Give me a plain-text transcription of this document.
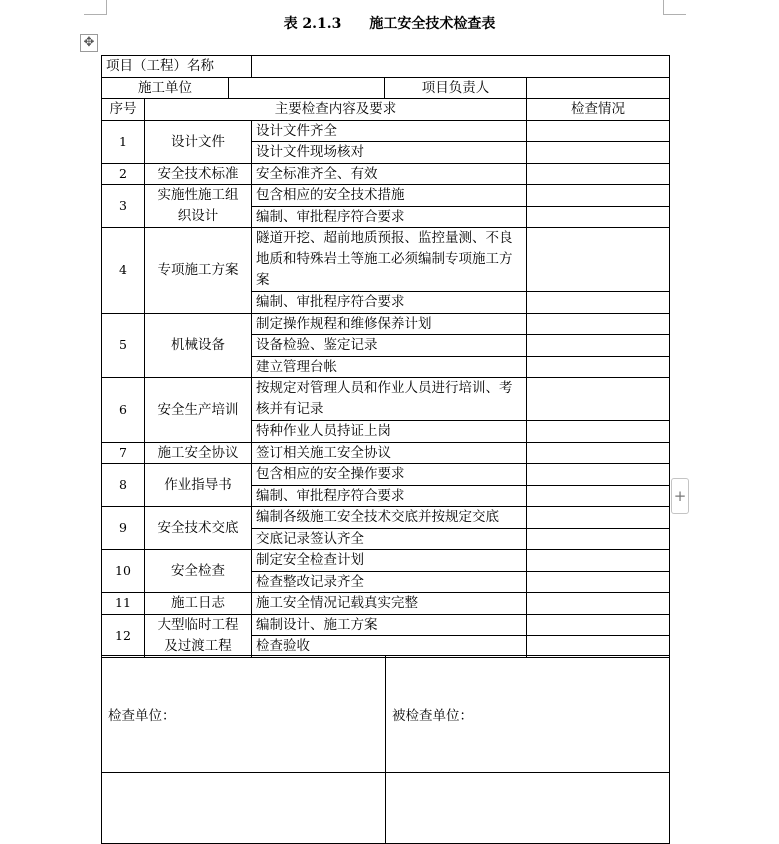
表 2.1.3　　施工安全技术检查表
✥
+
项目（工程）名称					
施工单位				项目负责人	
序号	主要检查内容及要求				检查情况
1	设计文件		设计文件齐全		
			设计文件现场核对		
2	安全技术标准		安全标准齐全、有效		
3	实施性施工组织设计		包含相应的安全技术措施		
			编制、审批程序符合要求		
4	专项施工方案		隧道开挖、超前地质预报、监控量测、不良地质和特殊岩土等施工必须编制专项施工方案		
			编制、审批程序符合要求		
5	机械设备		制定操作规程和维修保养计划		
			设备检验、鉴定记录		
			建立管理台帐		
6	安全生产培训		按规定对管理人员和作业人员进行培训、考核并有记录		
			特种作业人员持证上岗		
7	施工安全协议		签订相关施工安全协议		
8	作业指导书		包含相应的安全操作要求		
			编制、审批程序符合要求		
9	安全技术交底		编制各级施工安全技术交底并按规定交底		
			交底记录签认齐全		
10	安全检查		制定安全检查计划		
			检查整改记录齐全		
11	施工日志		施工安全情况记载真实完整		
12	大型临时工程及过渡工程		编制设计、施工方案		
			检查验收		
检查单位：	被检查单位：
